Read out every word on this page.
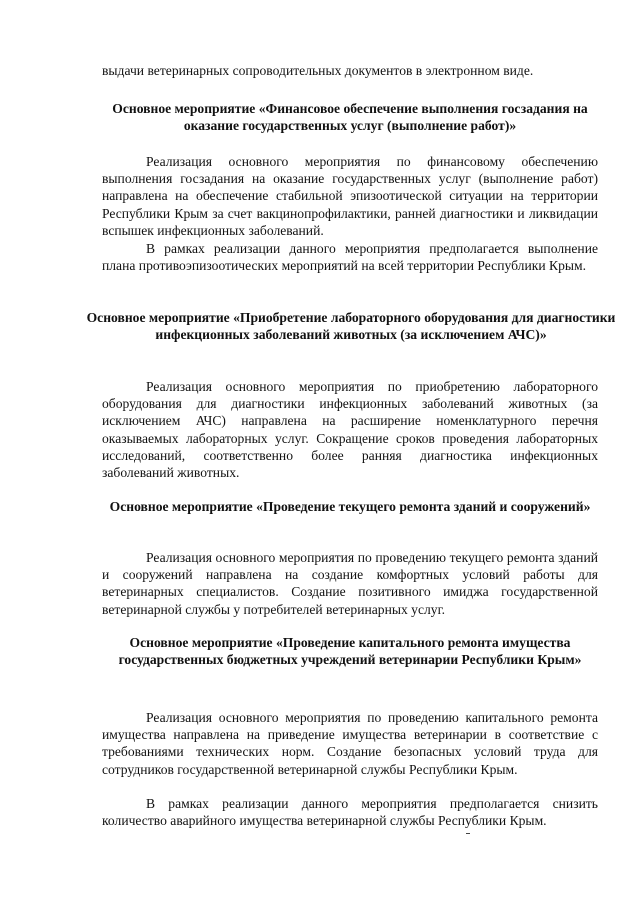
выдачи ветеринарных сопроводительных документов в электронном виде.
Основное мероприятие «Финансовое обеспечение выполнения госзадания на оказание государственных услуг (выполнение работ)»
Реализация основного мероприятия по финансовому обеспечению выполнения госзадания на оказание государственных услуг (выполнение работ) направлена на обеспечение стабильной эпизоотической ситуации на территории Республики Крым за счет вакцинопрофилактики, ранней диагностики и ликвидации вспышек инфекционных заболеваний.
В рамках реализации данного мероприятия предполагается выполнение плана противоэпизоотических мероприятий на всей территории Республики Крым.
Основное мероприятие «Приобретение лабораторного оборудования для диагностики инфекционных заболеваний животных (за исключением АЧС)»
Реализация основного мероприятия по приобретению лабораторного оборудования для диагностики инфекционных заболеваний животных (за исключением АЧС) направлена на расширение номенклатурного перечня оказываемых лабораторных услуг. Сокращение сроков проведения лабораторных исследований, соответственно более ранняя диагностика инфекционных заболеваний животных.
Основное мероприятие «Проведение текущего ремонта зданий и сооружений»
Реализация основного мероприятия по проведению текущего ремонта зданий и сооружений направлена на создание комфортных условий работы для ветеринарных специалистов. Создание позитивного имиджа государственной ветеринарной службы у потребителей ветеринарных услуг.
Основное мероприятие «Проведение капитального ремонта имущества государственных бюджетных учреждений ветеринарии Республики Крым»
Реализация основного мероприятия по проведению капитального ремонта имущества направлена на приведение имущества ветеринарии в соответствие с требованиями технических норм. Создание безопасных условий труда для сотрудников государственной ветеринарной службы Республики Крым.
В рамках реализации данного мероприятия предполагается снизить количество аварийного имущества ветеринарной службы Республики Крым.
